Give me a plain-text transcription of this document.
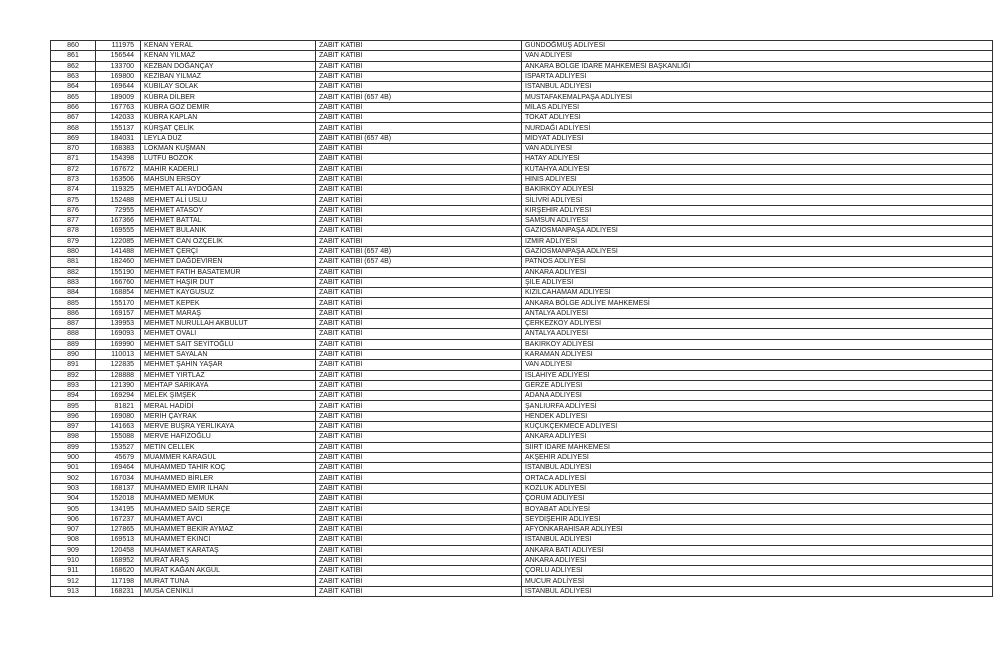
860	111975	KENAN YERAL	ZABIT KATİBİ	GÜNDOĞMUŞ ADLİYESİ
861	156544	KENAN YILMAZ	ZABIT KATİBİ	VAN ADLİYESİ
862	133700	KEZBAN DOĞANÇAY	ZABIT KATİBİ	ANKARA BÖLGE İDARE MAHKEMESİ BAŞKANLIĞI
863	169800	KEZİBAN YILMAZ	ZABIT KATİBİ	ISPARTA ADLİYESİ
864	169644	KUBİLAY SOLAK	ZABIT KATİBİ	İSTANBUL ADLİYESİ
865	189009	KÜBRA DİLBER	ZABIT KATİBİ (657 4B)	MUSTAFAKEMALPAŞA ADLİYESİ
866	167763	KÜBRA GÖZ DEMİR	ZABIT KATİBİ	MİLAS ADLİYESİ
867	142033	KÜBRA KAPLAN	ZABIT KATİBİ	TOKAT ADLİYESİ
868	155137	KÜRŞAT ÇELİK	ZABIT KATİBİ	NURDAĞI ADLİYESİ
869	184031	LEYLA DÜZ	ZABIT KATİBİ (657 4B)	MİDYAT ADLİYESİ
870	168383	LOKMAN KUŞMAN	ZABIT KATİBİ	VAN ADLİYESİ
871	154398	LÜTFÜ BOZOK	ZABIT KATİBİ	HATAY ADLİYESİ
872	167672	MAHİR KADERLİ	ZABIT KATİBİ	KÜTAHYA ADLİYESİ
873	163506	MAHSUN ERSOY	ZABIT KATİBİ	HINIS ADLİYESİ
874	119325	MEHMET ALİ AYDOĞAN	ZABIT KATİBİ	BAKIRKÖY ADLİYESİ
875	152488	MEHMET ALİ USLU	ZABIT KATİBİ	SİLİVRİ ADLİYESİ
876	72955	MEHMET ATASOY	ZABIT KATİBİ	KIRŞEHİR ADLİYESİ
877	167366	MEHMET BATTAL	ZABIT KATİBİ	SAMSUN ADLİYESİ
878	169555	MEHMET BULANIK	ZABIT KATİBİ	GAZİOSMANPAŞA ADLİYESİ
879	122085	MEHMET CAN ÖZÇELİK	ZABIT KATİBİ	İZMİR ADLİYESİ
880	141488	MEHMET ÇERÇİ	ZABIT KATİBİ (657 4B)	GAZİOSMANPAŞA ADLİYESİ
881	182460	MEHMET DAĞDEVİREN	ZABIT KATİBİ (657 4B)	PATNOS ADLİYESİ
882	155190	MEHMET FATİH BASATEMÜR	ZABIT KATİBİ	ANKARA ADLİYESİ
883	166760	MEHMET HAŞİR DUT	ZABIT KATİBİ	ŞİLE ADLİYESİ
884	168854	MEHMET KAYGUSUZ	ZABIT KATİBİ	KIZILCAHAMAM ADLİYESİ
885	155170	MEHMET KEPEK	ZABIT KATİBİ	ANKARA BÖLGE ADLİYE MAHKEMESİ
886	169157	MEHMET MARAŞ	ZABIT KATİBİ	ANTALYA ADLİYESİ
887	139953	MEHMET NURULLAH AKBULUT	ZABIT KATİBİ	ÇERKEZKÖY ADLİYESİ
888	169093	MEHMET OVALI	ZABIT KATİBİ	ANTALYA ADLİYESİ
889	169990	MEHMET SAİT SEYİTOĞLU	ZABIT KATİBİ	BAKIRKÖY ADLİYESİ
890	110013	MEHMET SAYALAN	ZABIT KATİBİ	KARAMAN ADLİYESİ
891	122835	MEHMET ŞAHİN YAŞAR	ZABIT KATİBİ	VAN ADLİYESİ
892	128888	MEHMET YIRTLAZ	ZABIT KATİBİ	İSLAHİYE ADLİYESİ
893	121390	MEHTAP SARIKAYA	ZABIT KATİBİ	GERZE ADLİYESİ
894	169294	MELEK ŞİMŞEK	ZABIT KATİBİ	ADANA ADLİYESİ
895	81821	MERAL HADİDİ	ZABIT KATİBİ	ŞANLIURFA ADLİYESİ
896	169080	MERİH ÇAYRAK	ZABIT KATİBİ	HENDEK ADLİYESİ
897	141663	MERVE BÜŞRA YERLİKAYA	ZABIT KATİBİ	KÜÇÜKÇEKMECE ADLİYESİ
898	155088	MERVE HAFIZOĞLU	ZABIT KATİBİ	ANKARA ADLİYESİ
899	153527	METİN CELLEK	ZABIT KATİBİ	SİİRT İDARE MAHKEMESİ
900	45679	MUAMMER KARAGÜL	ZABIT KATİBİ	AKŞEHİR ADLİYESİ
901	169464	MUHAMMED TAHİR KOÇ	ZABIT KATİBİ	İSTANBUL ADLİYESİ
902	167034	MUHAMMED BİRLER	ZABIT KATİBİ	ORTACA ADLİYESİ
903	168137	MUHAMMED EMİR İLHAN	ZABIT KATİBİ	KOZLUK ADLİYESİ
904	152018	MUHAMMED MEMÜK	ZABIT KATİBİ	ÇORUM ADLİYESİ
905	134195	MUHAMMED SAİD SERÇE	ZABIT KATİBİ	BOYABAT ADLİYESİ
906	167237	MUHAMMET AVCI	ZABIT KATİBİ	SEYDİŞEHİR ADLİYESİ
907	127865	MUHAMMET BEKİR AYMAZ	ZABIT KATİBİ	AFYONKARAHİSAR ADLİYESİ
908	169513	MUHAMMET EKİNCİ	ZABIT KATİBİ	İSTANBUL ADLİYESİ
909	120458	MUHAMMET KARATAŞ	ZABIT KATİBİ	ANKARA BATI ADLİYESİ
910	168952	MURAT ARAŞ	ZABIT KATİBİ	ANKARA ADLİYESİ
911	168620	MURAT KAĞAN AKGÜL	ZABIT KATİBİ	ÇORLU ADLİYESİ
912	117198	MURAT TUNA	ZABIT KATİBİ	MUCUR ADLİYESİ
913	168231	MUSA CENİKLİ	ZABIT KATİBİ	İSTANBUL ADLİYESİ
